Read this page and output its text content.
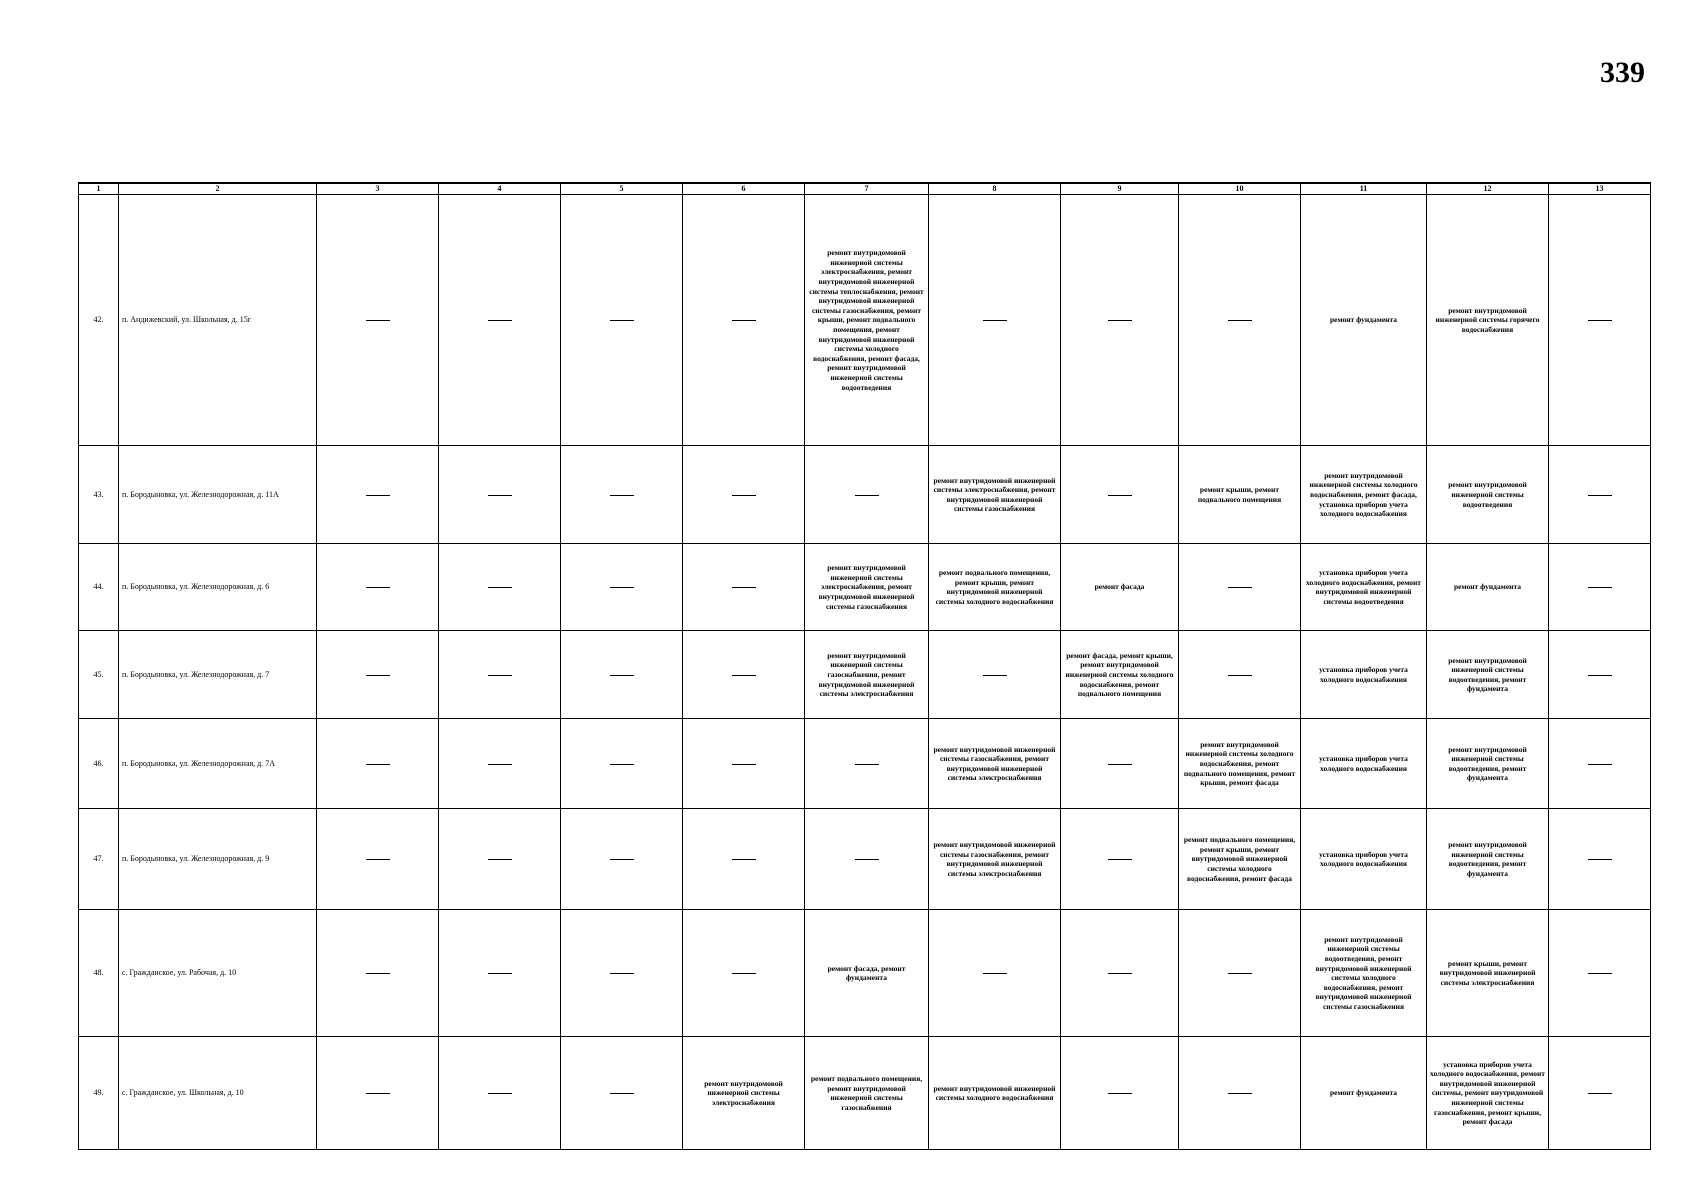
339
1	2	3	4	5	6	7	8	9	10	11	12	13
42.	п. Андижевский, ул. Школьная, д. 15г					ремонт внутридомовой инженерной системы электроснабжения, ремонт внутридомовой инженерной системы теплоснабжения, ремонт внутридомовой инженерной системы газоснабжения, ремонт крыши, ремонт подвального помещения, ремонт внутридомовой инженерной системы холодного водоснабжения, ремонт фасада, ремонт внутридомовой инженерной системы водоотведения				ремонт фундамента	ремонт внутридомовой инженерной системы горячего водоснабжения	
43.	п. Бородыновка, ул. Железнодорожная, д. 11А						ремонт внутридомовой инженерной системы электроснабжения, ремонт внутридомовой инженерной системы газоснабжения		ремонт крыши, ремонт подвального помещения	ремонт внутридомовой инженерной системы холодного водоснабжения, ремонт фасада, установка приборов учета холодного водоснабжения	ремонт внутридомовой инженерной системы водоотведения	
44.	п. Бородыновка, ул. Железнодорожная, д. 6					ремонт внутридомовой инженерной системы электроснабжения, ремонт внутридомовой инженерной системы газоснабжения	ремонт подвального помещения, ремонт крыши, ремонт внутридомовой инженерной системы холодного водоснабжения	ремонт фасада		установка приборов учета холодного водоснабжения, ремонт внутридомовой инженерной системы водоотведения	ремонт фундамента	
45.	п. Бородыновка, ул. Железнодорожная, д. 7					ремонт внутридомовой инженерной системы газоснабжения, ремонт внутридомовой инженерной системы электроснабжения		ремонт фасада, ремонт крыши, ремонт внутридомовой инженерной системы холодного водоснабжения, ремонт подвального помещения		установка приборов учета холодного водоснабжения	ремонт внутридомовой инженерной системы водоотведения, ремонт фундамента	
46.	п. Бородыновка, ул. Железнодорожная, д. 7А						ремонт внутридомовой инженерной системы газоснабжения, ремонт внутридомовой инженерной системы электроснабжения		ремонт внутридомовой инженерной системы холодного водоснабжения, ремонт подвального помещения, ремонт крыши, ремонт фасада	установка приборов учета холодного водоснабжения	ремонт внутридомовой инженерной системы водоотведения, ремонт фундамента	
47.	п. Бородыновка, ул. Железнодорожная, д. 9						ремонт внутридомовой инженерной системы газоснабжения, ремонт внутридомовой инженерной системы электроснабжения		ремонт подвального помещения, ремонт крыши, ремонт внутридомовой инженерной системы холодного водоснабжения, ремонт фасада	установка приборов учета холодного водоснабжения	ремонт внутридомовой инженерной системы водоотведения, ремонт фундамента	
48.	с. Гражданское, ул. Рабочая, д. 10					ремонт фасада, ремонт фундамента				ремонт внутридомовой инженерной системы водоотведения, ремонт внутридомовой инженерной системы холодного водоснабжения, ремонт внутридомовой инженерной системы газоснабжения	ремонт крыши, ремонт внутридомовой инженерной системы электроснабжения	
49.	с. Гражданское, ул. Школьная, д. 10				ремонт внутридомовой инженерной системы электроснабжения	ремонт подвального помещения, ремонт внутридомовой инженерной системы газоснабжения	ремонт внутридомовой инженерной системы холодного водоснабжения			ремонт фундамента	установка приборов учета холодного водоснабжения, ремонт внутридомовой инженерной системы, ремонт внутридомовой инженерной системы газоснабжения, ремонт крыши, ремонт фасада	
